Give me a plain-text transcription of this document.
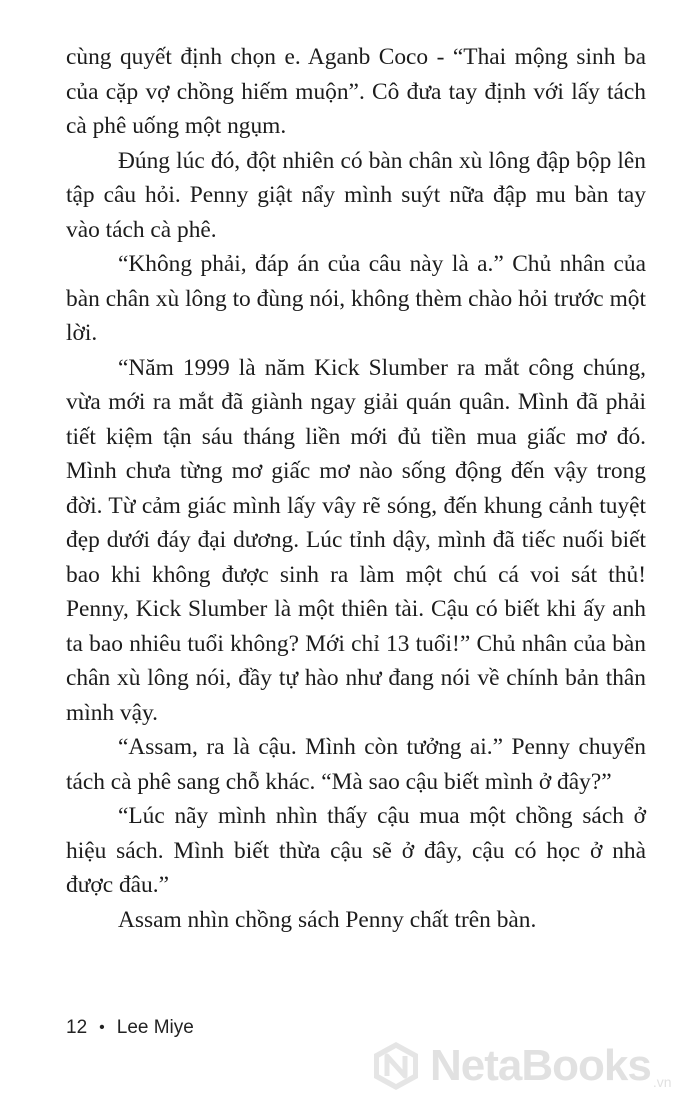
cùng quyết định chọn e. Aganb Coco - “Thai mộng sinh ba của cặp vợ chồng hiếm muộn”. Cô đưa tay định với lấy tách cà phê uống một ngụm.

Đúng lúc đó, đột nhiên có bàn chân xù lông đập bộp lên tập câu hỏi. Penny giật nẩy mình suýt nữa đập mu bàn tay vào tách cà phê.

“Không phải, đáp án của câu này là a.” Chủ nhân của bàn chân xù lông to đùng nói, không thèm chào hỏi trước một lời.

“Năm 1999 là năm Kick Slumber ra mắt công chúng, vừa mới ra mắt đã giành ngay giải quán quân. Mình đã phải tiết kiệm tận sáu tháng liền mới đủ tiền mua giấc mơ đó. Mình chưa từng mơ giấc mơ nào sống động đến vậy trong đời. Từ cảm giác mình lấy vây rẽ sóng, đến khung cảnh tuyệt đẹp dưới đáy đại dương. Lúc tỉnh dậy, mình đã tiếc nuối biết bao khi không được sinh ra làm một chú cá voi sát thủ! Penny, Kick Slumber là một thiên tài. Cậu có biết khi ấy anh ta bao nhiêu tuổi không? Mới chỉ 13 tuổi!” Chủ nhân của bàn chân xù lông nói, đầy tự hào như đang nói về chính bản thân mình vậy.

“Assam, ra là cậu. Mình còn tưởng ai.” Penny chuyển tách cà phê sang chỗ khác. “Mà sao cậu biết mình ở đây?”

“Lúc nãy mình nhìn thấy cậu mua một chồng sách ở hiệu sách. Mình biết thừa cậu sẽ ở đây, cậu có học ở nhà được đâu.”

Assam nhìn chồng sách Penny chất trên bàn.

12 • Lee Miye
NetaBooks .vn
